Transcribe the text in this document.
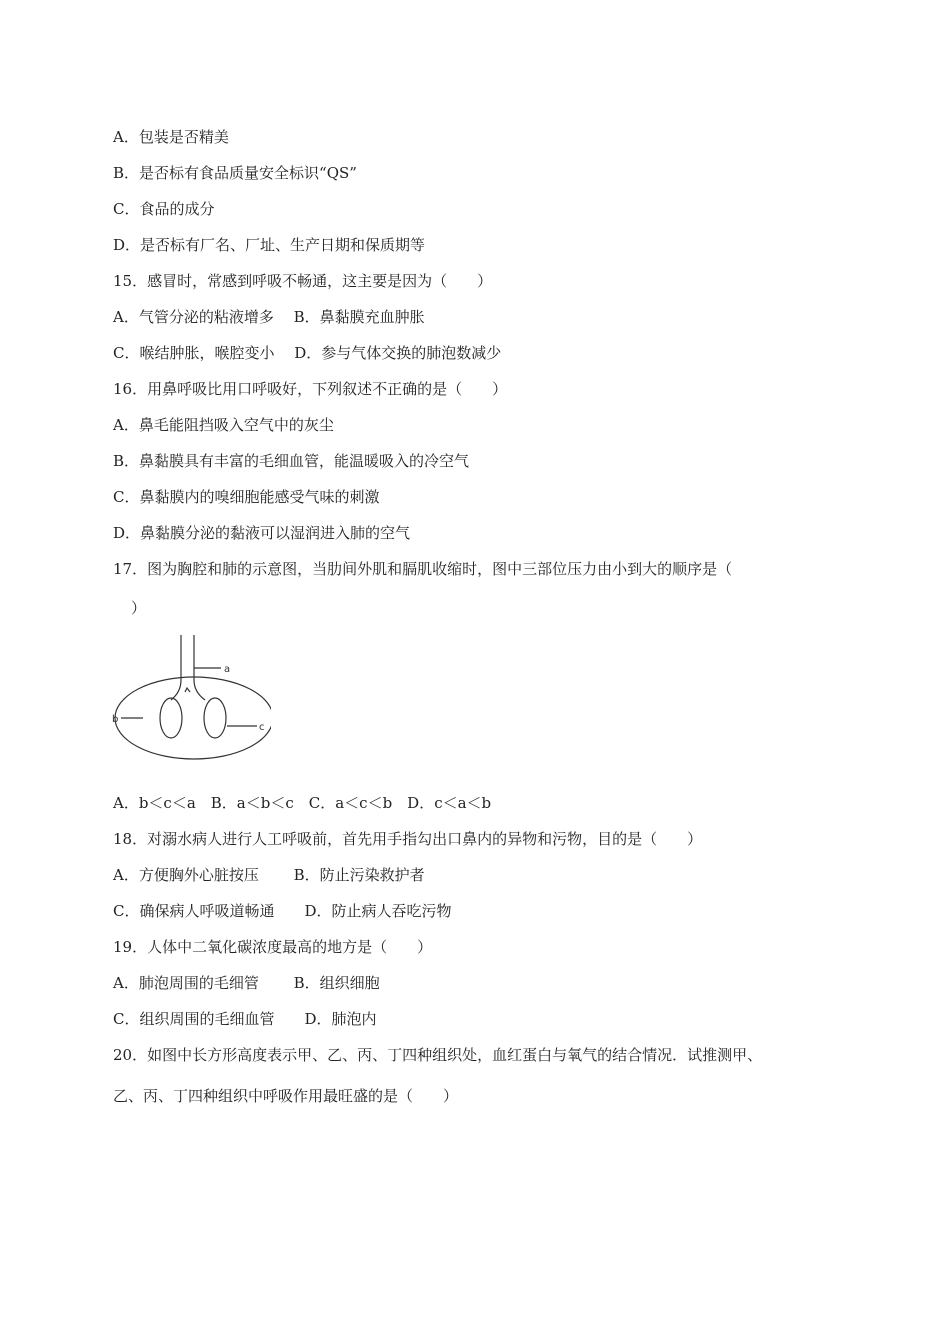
A．包装是否精美
B．是否标有食品质量安全标识“QS”
C．食品的成分
D．是否标有厂名、厂址、生产日期和保质期等
15．感冒时，常感到呼吸不畅通，这主要是因为（　　）
A．气管分泌的粘液增多　 B．鼻黏膜充血肿胀
C．喉结肿胀，喉腔变小　 D．参与气体交换的肺泡数减少
16．用鼻呼吸比用口呼吸好，下列叙述不正确的是（　　）
A．鼻毛能阻挡吸入空气中的灰尘
B．鼻黏膜具有丰富的毛细血管，能温暖吸入的冷空气
C．鼻黏膜内的嗅细胞能感受气味的刺激
D．鼻黏膜分泌的黏液可以湿润进入肺的空气
17．图为胸腔和肺的示意图，当肋间外肌和膈肌收缩时，图中三部位压力由小到大的顺序是（
　）
a
b
c
A．b＜c＜a　B．a＜b＜c　C．a＜c＜b　D．c＜a＜b
18．对溺水病人进行人工呼吸前，首先用手指勾出口鼻内的异物和污物，目的是（　　）
A．方便胸外心脏按压　　 B．防止污染救护者
C．确保病人呼吸道畅通　　D．防止病人吞吃污物
19．人体中二氧化碳浓度最高的地方是（　　）
A．肺泡周围的毛细管　　 B．组织细胞
C．组织周围的毛细血管　　D．肺泡内
20．如图中长方形高度表示甲、乙、丙、丁四种组织处，血红蛋白与氧气的结合情况．试推测甲、
乙、丙、丁四种组织中呼吸作用最旺盛的是（　　）
